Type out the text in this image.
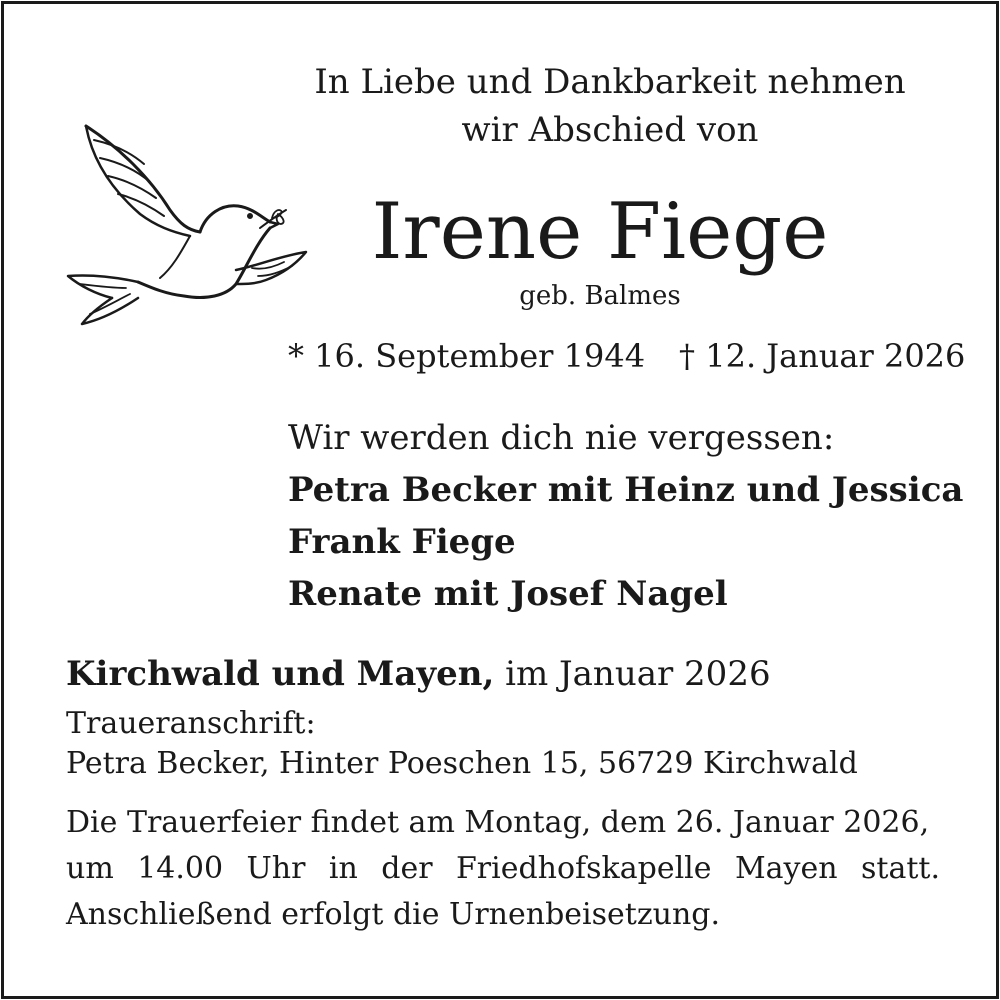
In Liebe und Dankbarkeit nehmen
wir Abschied von
Irene Fiege
geb. Balmes
* 16. September 1944 † 12. Januar 2026
Wir werden dich nie vergessen:
Petra Becker mit Heinz und Jessica
Frank Fiege
Renate mit Josef Nagel
Kirchwald und Mayen, im Januar 2026
Traueranschrift:
Petra Becker, Hinter Poeschen 15, 56729 Kirchwald
Die Trauerfeier findet am Montag, dem 26. Januar 2026,
um 14.00 Uhr in der Friedhofskapelle Mayen statt.
Anschließend erfolgt die Urnenbeisetzung.
